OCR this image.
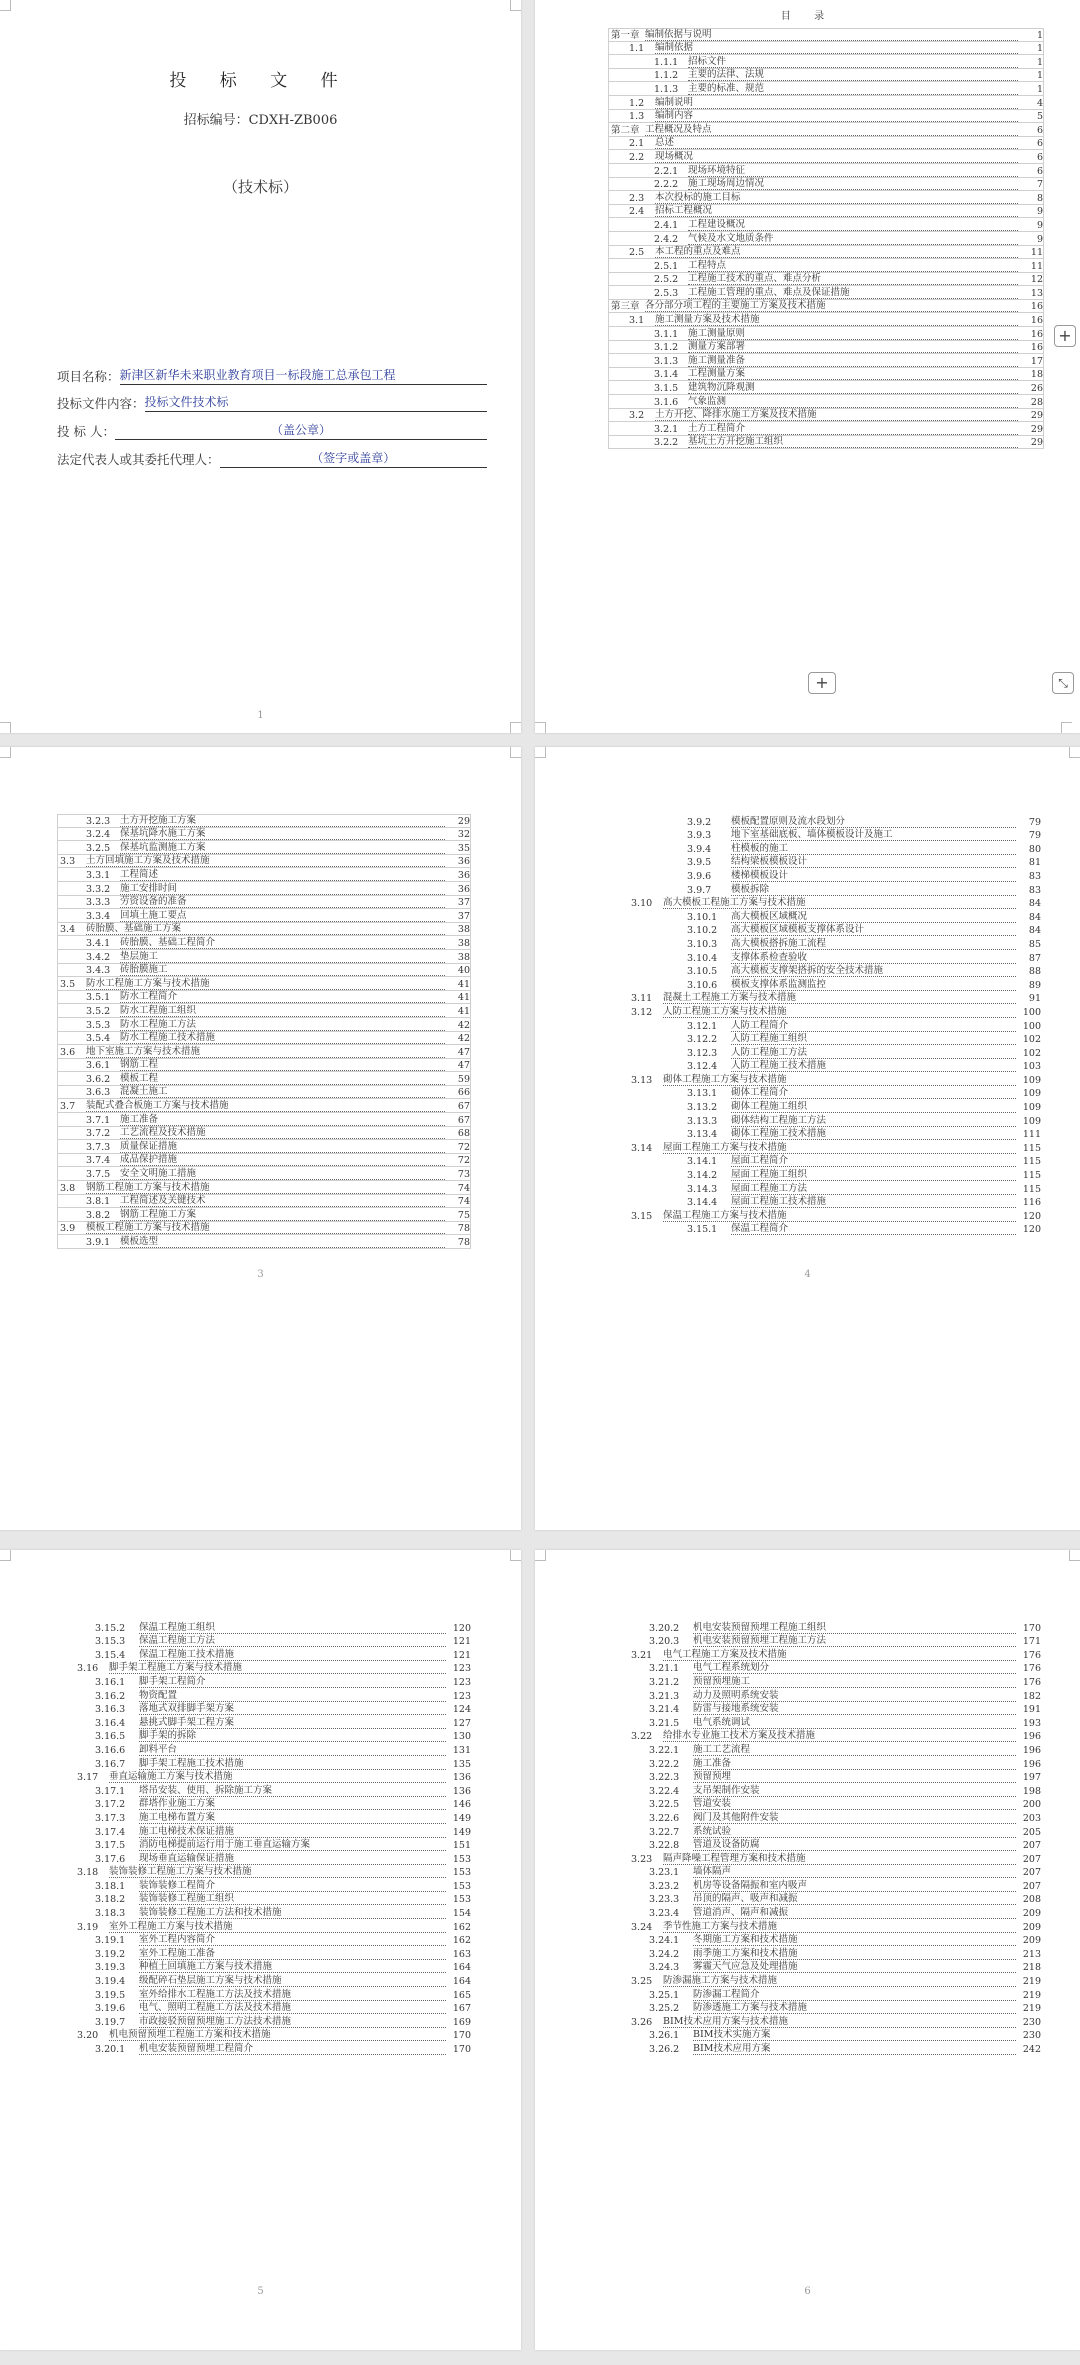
投 标 文 件
招标编号：CDXH-ZB006
（技术标）
项目名称： 新津区新华未来职业教育项目一标段施工总承包工程
投标文件内容： 投标文件技术标
投 标 人：	（盖公章）
法定代表人或其委托代理人：	（签字或盖章）
1
目 录
第一章 编制依据与说明	1
1.1	编制依据	1
1.1.1	招标文件	1
1.1.2	主要的法律、法规	1
1.1.3	主要的标准、规范	1
1.2	编制说明	4
1.3	编制内容	5
第二章 工程概况及特点	6
2.1	总述	6
2.2	现场概况	6
2.2.1	现场环境特征	6
2.2.2	施工现场周边情况	7
2.3	本次投标的施工目标	8
2.4	招标工程概况	9
2.4.1	工程建设概况	9
2.4.2	气候及水文地质条件	9
2.5	本工程的重点及难点	11
2.5.1	工程特点	11
2.5.2	工程施工技术的重点、难点分析	12
2.5.3	工程施工管理的重点、难点及保证措施	13
第三章 各分部分项工程的主要施工方案及技术措施	16
3.1	施工测量方案及技术措施	16
3.1.1	施工测量原则	16
3.1.2	测量方案部署	16
3.1.3	施工测量准备	17
3.1.4	工程测量方案	18
3.1.5	建筑物沉降观测	26
3.1.6	气象监测	28
3.2	土方开挖、降排水施工方案及技术措施	29
3.2.1	土方工程简介	29
3.2.2	基坑土方开挖施工组织	29
+
+
⤡
3.2.3	土方开挖施工方案	29
3.2.4	保基坑降水施工方案	32
3.2.5	保基坑监测施工方案	35
3.3	土方回填施工方案及技术措施	36
3.3.1	工程简述	36
3.3.2	施工安排时间	36
3.3.3	劳资设备的准备	37
3.3.4	回填土施工要点	37
3.4	砖胎膜、基础施工方案	38
3.4.1	砖胎膜、基础工程简介	38
3.4.2	垫层施工	38
3.4.3	砖胎膜施工	40
3.5	防水工程施工方案与技术措施	41
3.5.1	防水工程简介	41
3.5.2	防水工程施工组织	41
3.5.3	防水工程施工方法	42
3.5.4	防水工程施工技术措施	42
3.6	地下室施工方案与技术措施	47
3.6.1	钢筋工程	47
3.6.2	模板工程	59
3.6.3	混凝土施工	66
3.7	装配式叠合板施工方案与技术措施	67
3.7.1	施工准备	67
3.7.2	工艺流程及技术措施	68
3.7.3	质量保证措施	72
3.7.4	成品保护措施	72
3.7.5	安全文明施工措施	73
3.8	钢筋工程施工方案与技术措施	74
3.8.1	工程简述及关键技术	74
3.8.2	钢筋工程施工方案	75
3.9	模板工程施工方案与技术措施	78
3.9.1	模板选型	78
3
3.9.2	模板配置原则及流水段划分	79
3.9.3	地下室基础底板、墙体模板设计及施工	79
3.9.4	柱模板的施工	80
3.9.5	结构梁板模板设计	81
3.9.6	楼梯模板设计	83
3.9.7	模板拆除	83
3.10	高大模板工程施工方案与技术措施	84
3.10.1	高大模板区域概况	84
3.10.2	高大模板区域模板支撑体系设计	84
3.10.3	高大模板搭拆施工流程	85
3.10.4	支撑体系检查验收	87
3.10.5	高大模板支撑架搭拆的安全技术措施	88
3.10.6	模板支撑体系监测监控	89
3.11	混凝土工程施工方案与技术措施	91
3.12	人防工程施工方案与技术措施	100
3.12.1	人防工程简介	100
3.12.2	人防工程施工组织	102
3.12.3	人防工程施工方法	102
3.12.4	人防工程施工技术措施	103
3.13	砌体工程施工方案与技术措施	109
3.13.1	砌体工程简介	109
3.13.2	砌体工程施工组织	109
3.13.3	砌体结构工程施工方法	109
3.13.4	砌体工程施工技术措施	111
3.14	屋面工程施工方案与技术措施	115
3.14.1	屋面工程简介	115
3.14.2	屋面工程施工组织	115
3.14.3	屋面工程施工方法	115
3.14.4	屋面工程施工技术措施	116
3.15	保温工程施工方案与技术措施	120
3.15.1	保温工程简介	120
4
3.15.2	保温工程施工组织	120
3.15.3	保温工程施工方法	121
3.15.4	保温工程施工技术措施	121
3.16	脚手架工程施工方案与技术措施	123
3.16.1	脚手架工程简介	123
3.16.2	物资配置	123
3.16.3	落地式双排脚手架方案	124
3.16.4	悬挑式脚手架工程方案	127
3.16.5	脚手架的拆除	130
3.16.6	卸料平台	131
3.16.7	脚手架工程施工技术措施	135
3.17	垂直运输施工方案与技术措施	136
3.17.1	塔吊安装、使用、拆除施工方案	136
3.17.2	群塔作业施工方案	146
3.17.3	施工电梯布置方案	149
3.17.4	施工电梯技术保证措施	149
3.17.5	消防电梯提前运行用于施工垂直运输方案	151
3.17.6	现场垂直运输保证措施	153
3.18	装饰装修工程施工方案与技术措施	153
3.18.1	装饰装修工程简介	153
3.18.2	装饰装修工程施工组织	153
3.18.3	装饰装修工程施工方法和技术措施	154
3.19	室外工程施工方案与技术措施	162
3.19.1	室外工程内容简介	162
3.19.2	室外工程施工准备	163
3.19.3	种植土回填施工方案与技术措施	164
3.19.4	级配碎石垫层施工方案与技术措施	164
3.19.5	室外给排水工程施工方法及技术措施	165
3.19.6	电气、照明工程施工方法及技术措施	167
3.19.7	市政接驳预留预埋施工方法技术措施	169
3.20	机电预留预埋工程施工方案和技术措施	170
3.20.1	机电安装预留预埋工程简介	170
5
3.20.2	机电安装预留预埋工程施工组织	170
3.20.3	机电安装预留预埋工程施工方法	171
3.21	电气工程施工方案及技术措施	176
3.21.1	电气工程系统划分	176
3.21.2	预留预埋施工	176
3.21.3	动力及照明系统安装	182
3.21.4	防雷与接地系统安装	191
3.21.5	电气系统调试	193
3.22	给排水专业施工技术方案及技术措施	196
3.22.1	施工工艺流程	196
3.22.2	施工准备	196
3.22.3	预留预埋	197
3.22.4	支吊架制作安装	198
3.22.5	管道安装	200
3.22.6	阀门及其他附件安装	203
3.22.7	系统试验	205
3.22.8	管道及设备防腐	207
3.23	隔声降噪工程管理方案和技术措施	207
3.23.1	墙体隔声	207
3.23.2	机房等设备隔振和室内吸声	207
3.23.3	吊顶的隔声、吸声和减振	208
3.23.4	管道消声、隔声和减振	209
3.24	季节性施工方案与技术措施	209
3.24.1	冬期施工方案和技术措施	209
3.24.2	雨季施工方案和技术措施	213
3.24.3	雾霾天气应急及处理措施	218
3.25	防渗漏施工方案与技术措施	219
3.25.1	防渗漏工程简介	219
3.25.2	防渗透施工方案与技术措施	219
3.26	BIM技术应用方案与技术措施	230
3.26.1	BIM技术实施方案	230
3.26.2	BIM技术应用方案	242
6
